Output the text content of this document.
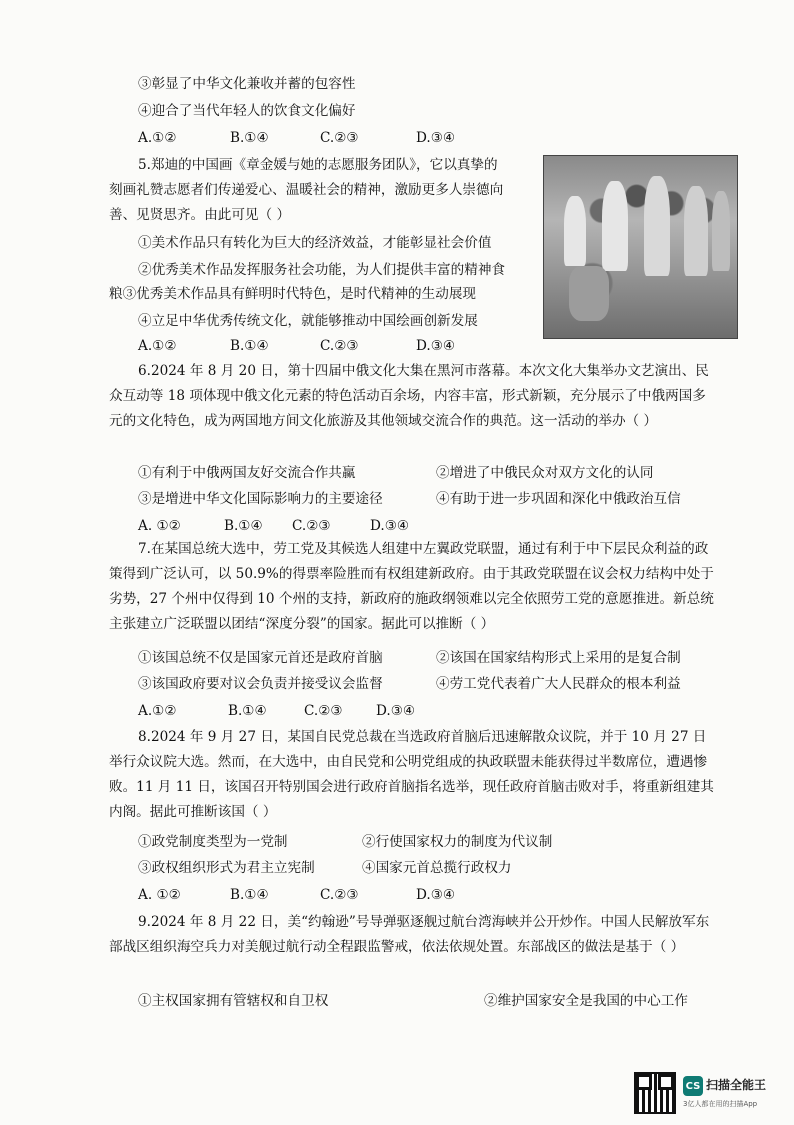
③彰显了中华文化兼收并蓄的包容性
④迎合了当代年轻人的饮食文化偏好
A.①②	B.①④	C.②③	D.③④
5.郑迪的中国画《章金媛与她的志愿服务团队》，它以真挚的
刻画礼赞志愿者们传递爱心、温暖社会的精神，激励更多人崇德向
善、见贤思齐。由此可见（ ）
①美术作品只有转化为巨大的经济效益，才能彰显社会价值
②优秀美术作品发挥服务社会功能，为人们提供丰富的精神食
粮③优秀美术作品具有鲜明时代特色，是时代精神的生动展现
④立足中华优秀传统文化，就能够推动中国绘画创新发展
A.①②	B.①④	C.②③	D.③④
6.2024 年 8 月 20 日，第十四届中俄文化大集在黑河市落幕。本次文化大集举办文艺演出、民众互动等 18 项体现中俄文化元素的特色活动百余场，内容丰富，形式新颖，充分展示了中俄两国多元的文化特色，成为两国地方间文化旅游及其他领域交流合作的典范。这一活动的举办（ ）
①有利于中俄两国友好交流合作共赢	②增进了中俄民众对双方文化的认同
③是增进中华文化国际影响力的主要途径	④有助于进一步巩固和深化中俄政治互信
A. ①②	B.①④ C.②③	D.③④
7.在某国总统大选中，劳工党及其候选人组建中左翼政党联盟，通过有利于中下层民众利益的政策得到广泛认可，以 50.9%的得票率险胜而有权组建新政府。由于其政党联盟在议会权力结构中处于劣势，27 个州中仅得到 10 个州的支持，新政府的施政纲领难以完全依照劳工党的意愿推进。新总统主张建立广泛联盟以团结“深度分裂”的国家。据此可以推断（ ）
①该国总统不仅是国家元首还是政府首脑	②该国在国家结构形式上采用的是复合制
③该国政府要对议会负责并接受议会监督	④劳工党代表着广大人民群众的根本利益
A.①②	B.①④	C.②③ D.③④
8.2024 年 9 月 27 日，某国自民党总裁在当选政府首脑后迅速解散众议院，并于 10 月 27 日举行众议院大选。然而，在大选中，由自民党和公明党组成的执政联盟未能获得过半数席位，遭遇惨败。11 月 11 日，该国召开特别国会进行政府首脑指名选举，现任政府首脑击败对手，将重新组建其内阁。据此可推断该国（ ）
①政党制度类型为一党制	②行使国家权力的制度为代议制
③政权组织形式为君主立宪制	④国家元首总揽行政权力
A. ①②	B.①④	C.②③	D.③④
9.2024 年 8 月 22 日，美“约翰逊”号导弹驱逐舰过航台湾海峡并公开炒作。中国人民解放军东部战区组织海空兵力对美舰过航行动全程跟监警戒，依法依规处置。东部战区的做法是基于（ ）
①主权国家拥有管辖权和自卫权	②维护国家安全是我国的中心工作
CS 扫描全能王
3亿人都在用的扫描App
